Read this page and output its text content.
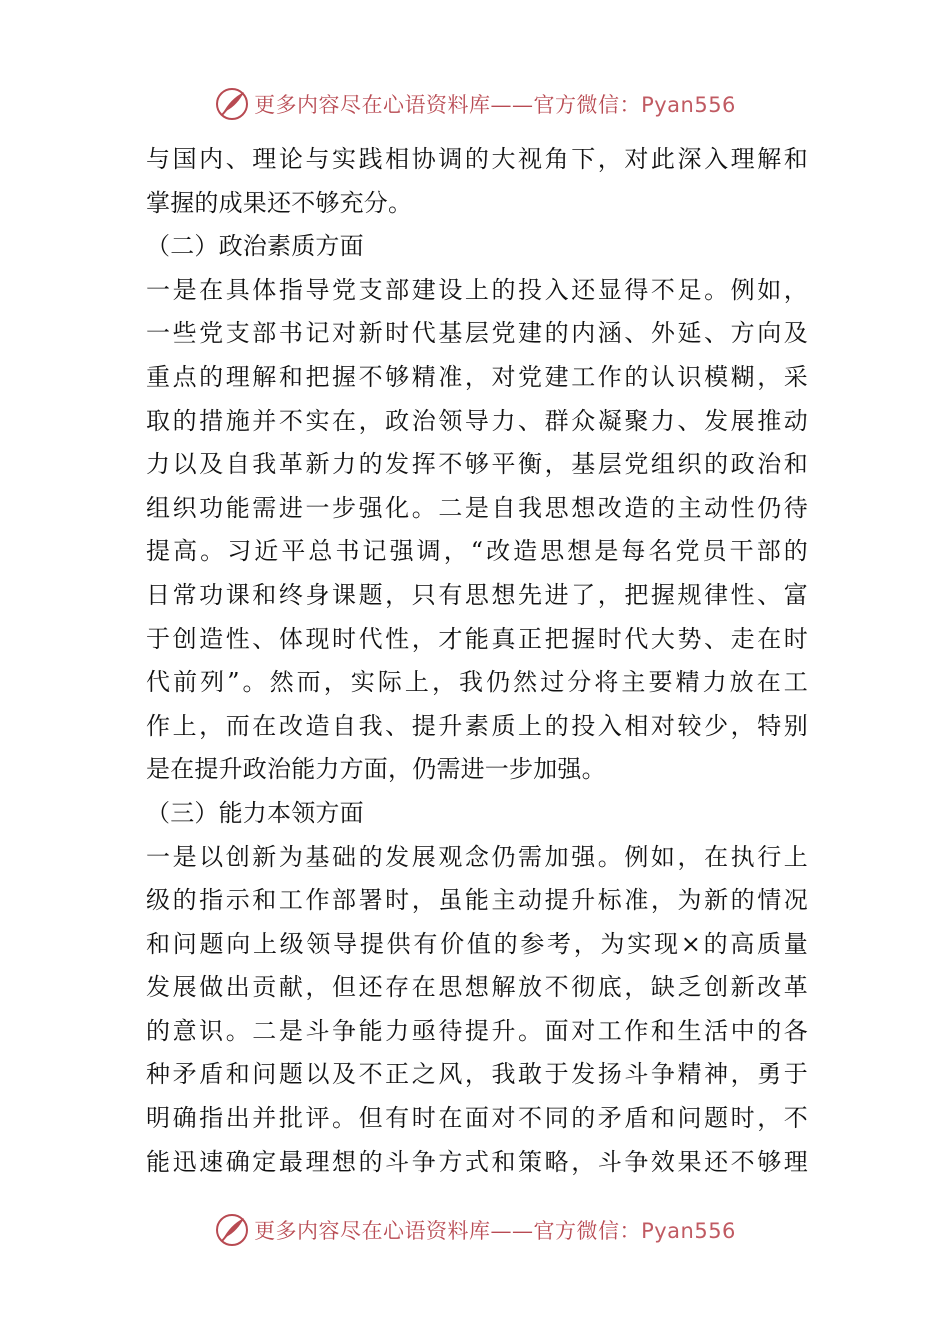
更多内容尽在心语资料库——官方微信：Pyan556
与国内、理论与实践相协调的大视角下，对此深入理解和
掌握的成果还不够充分。
（二）政治素质方面
一是在具体指导党支部建设上的投入还显得不足。例如，
一些党支部书记对新时代基层党建的内涵、外延、方向及
重点的理解和把握不够精准，对党建工作的认识模糊，采
取的措施并不实在，政治领导力、群众凝聚力、发展推动
力以及自我革新力的发挥不够平衡，基层党组织的政治和
组织功能需进一步强化。二是自我思想改造的主动性仍待
提高。习近平总书记强调，“改造思想是每名党员干部的
日常功课和终身课题，只有思想先进了，把握规律性、富
于创造性、体现时代性，才能真正把握时代大势、走在时
代前列”。然而，实际上，我仍然过分将主要精力放在工
作上，而在改造自我、提升素质上的投入相对较少，特别
是在提升政治能力方面，仍需进一步加强。
（三）能力本领方面
一是以创新为基础的发展观念仍需加强。例如，在执行上
级的指示和工作部署时，虽能主动提升标准，为新的情况
和问题向上级领导提供有价值的参考，为实现×的高质量
发展做出贡献，但还存在思想解放不彻底，缺乏创新改革
的意识。二是斗争能力亟待提升。面对工作和生活中的各
种矛盾和问题以及不正之风，我敢于发扬斗争精神，勇于
明确指出并批评。但有时在面对不同的矛盾和问题时，不
能迅速确定最理想的斗争方式和策略，斗争效果还不够理
更多内容尽在心语资料库——官方微信：Pyan556
